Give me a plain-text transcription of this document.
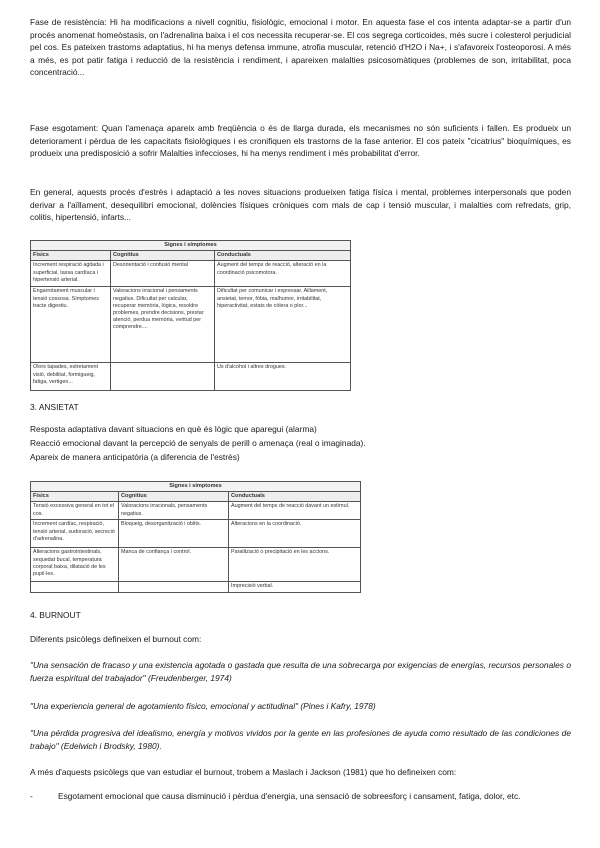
Fase de resistència: Hi ha modificacions a nivell cognitiu, fisiològic, emocional i motor. En aquesta fase el cos intenta adaptar-se a partir d'un procés anomenat homeòstasis, on l'adrenalina baixa i el cos necessita recuperar-se. El cos segrega corticoides, més sucre i colesterol perjudicial pel cos. Es pateixen trastorns adaptatius, hi ha menys defensa immune, atrofia muscular, retenció d'H2O i Na+, i s'afavoreix l'osteoporosi. A més a més, es pot patir fatiga i reducció de la resistència i rendiment, i apareixen malalties psicosomàtiques (problemes de son, irritabilitat, poca concentració...

Fase esgotament: Quan l'amenaça apareix amb freqüència o és de llarga durada, els mecanismes no són suficients i fallen. Es produeix un deteriorament i pèrdua de les capacitats fisiològiques i es cronifiquen els trastorns de la fase anterior. El cos pateix "cicatrius" bioquímiques, es produeix una predisposició a sofrir Malalties infeccioses, hi ha menys rendiment i més probabilitat d'error.

En general, aquests procés d'estrès i adaptació a les noves situacions produeixen fatiga física i mental, problemes interpersonals que poden derivar a l'aïllament, desequilibri emocional, dolències físiques cròniques com mals de cap i tensió muscular, i malalties com refredats, grip, colitis, hipertensió, infarts...

Signes i símptomes		
Físics	Cognitius	Conductuals
Increment respiració agitada i superficial, tassa cardíaca i hipertensió arterial.	Desorientació i confusió mental	Augment del temps de reacció, alteració en la coordinació psicomotora.
Engarrotament muscular i tensió cossosa. Símptomes tracte digestiu.	Valoracions irracional i pensaments negatius. Dificultat per calcular, recuperar memòria, lògica, resoldre problemes, prendre decisions, prestar atenció, perdua memòria, veritud per comprendre....	Dificultat per comunicar i expressar. Aillament, ansietat, temor, fòbia, malhumor, irritabilitat, hiperactivitat, estats de còlera o plor...
Olors tapades, estretament visió, debilitat, formigueig, fatiga, vertigen...		Us d'alcohol i altres drogues.

3. ANSIETAT

Resposta adaptativa davant situacions en què és lògic que aparegui (alarma)

Reacció emocional davant la percepció de senyals de perill o amenaça (real o imaginada).

Apareix de manera anticipatòria (a diferencia de l'estrès)

Signes i símptomes		
Físics	Cognitius	Conductuals
Tensió excessiva general en tot el cos.	Valoracions irracionals, pensaments negatius.	Augment del temps de reacció davant un estímul.
Increment cardíac, respiració, tensió arterial, sudoració, secreció d'adrenalina.	Bloqueig, desorganització i oblits.	Alteracions en la coordinació.
Alteracions gastrointestinals, sequedat bucal, temperatura corporal baixa, dilatació de les pupil·les.	Manca de confiança i control.	Paralització o precipitació en les accions.
		Imprecisió verbal.

4. BURNOUT

Diferents psicòlegs defineixen el burnout com:

"Una sensación de fracaso y una existencia agotada o gastada que resulta de una sobrecarga por exigencias de energías, recursos personales o fuerza espiritual del trabajador" (Freudenberger, 1974)

"Una experiencia general de agotamiento físico, emocional y actitudinal" (Pines i Kafry, 1978)

"Una pérdida progresiva del idealismo, energía y motivos vividos por la gente en las profesiones de ayuda como resultado de las condiciones de trabajo" (Edelwich i Brodsky, 1980).

A més d'aquests psicòlegs que van estudiar el burnout, trobem a Maslach i Jackson (1981) que ho defineixen com:

-	Esgotament emocional que causa disminució i pèrdua d'energia, una sensació de sobreesforç i cansament, fatiga, dolor, etc.
